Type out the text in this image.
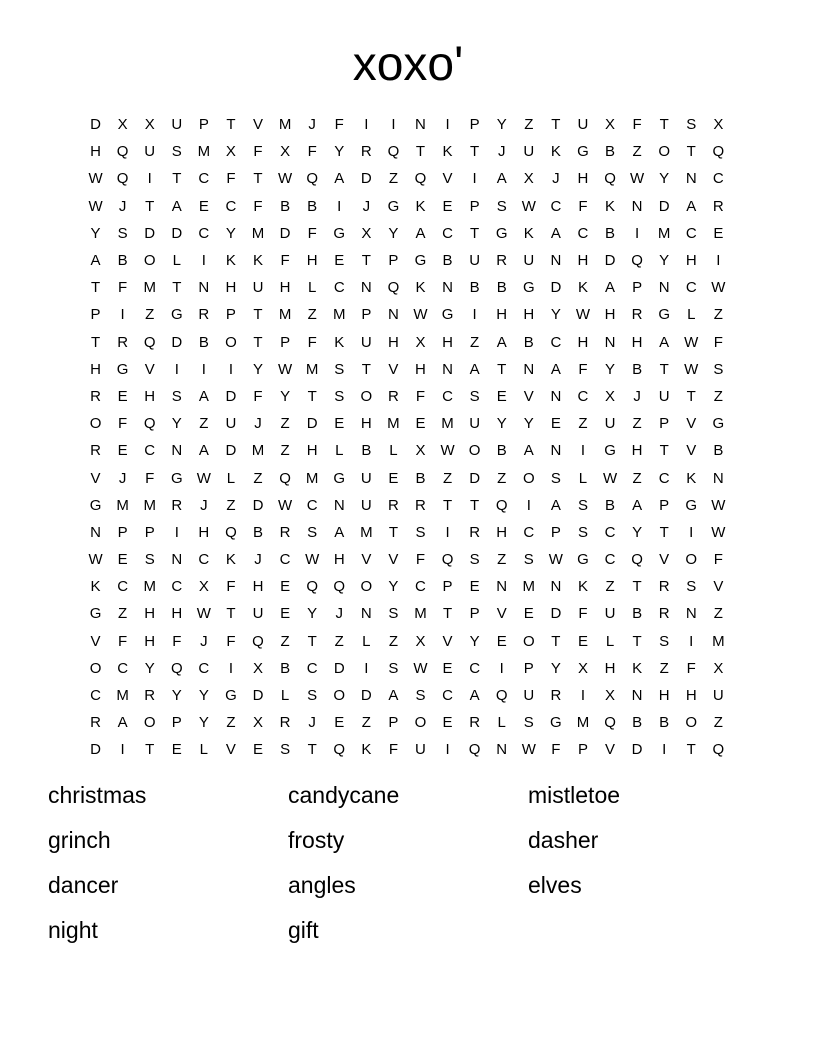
xoxo'
D	X	X	U	P	T	V	M	J	F	I	I	N	I	P	Y	Z	T	U	X	F	T	S	X
H	Q	U	S	M	X	F	X	F	Y	R	Q	T	K	T	J	U	K	G	B	Z	O	T	Q
W Q	I	T	C	F	T	W Q	A	D	Z	Q	V	I	A	X	J	H	Q W Y	N	C
W	J	T	A	E	C	F	B	B	I	J	G	K	E	P	S W C	F	K	N	D	A	R
Y	S	D	D	C	Y	M	D	F	G	X	Y	A	C	T	G	K	A	C	B	I	M	C	E
A	B	O	L	I	K	K	F	H	E	T	P	G	B	U	R	U	N	H	D	Q	Y	H	I
T	F	M	T	N	H	U	H	L	C	N	Q	K	N	B	B	G	D	K	A	P	N	C W
P	I	Z	G	R	P	T	M	Z	M	P	N W G	I	H	H	Y W H	R	G	L	Z
T	R	Q	D	B	O	T	P	F	K	U	H	X	H	Z	A	B	C	H	N	H	A W	F
H	G	V	I	I	I	Y W M	S	T	V	H	N	A	T	N	A	F	Y	B	T	W S
R	E	H	S	A	D	F	Y	T	S	O	R	F	C	S	E	V	N	C	X	J	U	T	Z
O	F	Q	Y	Z	U	J	Z	D	E	H	M	E	M	U	Y	Y	E	Z	U	Z	P	V	G
R	E	C	N	A	D	M	Z	H	L	B	L	X W O	B	A	N	I	G	H	T	V	B
V	J	F	G W	L	Z	Q M	G	U	E	B	Z	D	Z	O	S	L	W	Z	C	K	N
G M M	R	J	Z	D W C	N	U	R	R	T	T	Q	I	A	S	B	A	P	G W
N	P	P	I	H	Q	B	R	S	A	M	T	S	I	R	H	C	P	S	C	Y	T	I	W
W E	S	N	C	K	J	C W H	V	V	F	Q	S	Z	S W G	C	Q	V	O	F
K	C	M	C	X	F	H	E	Q	Q	O	Y	C	P	E	N	M	N	K	Z	T	R	S	V
G	Z	H	H W	T	U	E	Y	J	N	S	M	T	P	V	E	D	F	U	B	R	N	Z
V	F	H	F	J	F	Q	Z	T	Z	L	Z	X	V	Y	E	O	T	E	L	T	S	I	M
O	C	Y	Q	C	I	X	B	C	D	I	S W E	C	I	P	Y	X	H	K	Z	F	X
C	M	R	Y	Y	G	D	L	S	O	D	A	S	C	A	Q	U	R	I	X	N	H	H	U
R	A	O	P	Y	Z	X	R	J	E	Z	P	O	E	R	L	S	G M	Q	B	B	O	Z
D	I	T	E	L	V	E	S	T	Q	K	F	U	I	Q	N W	F	P	V	D	I	T	Q
christmas	candycane	mistletoe
grinch	frosty	dasher
dancer	angles	elves
night	gift
